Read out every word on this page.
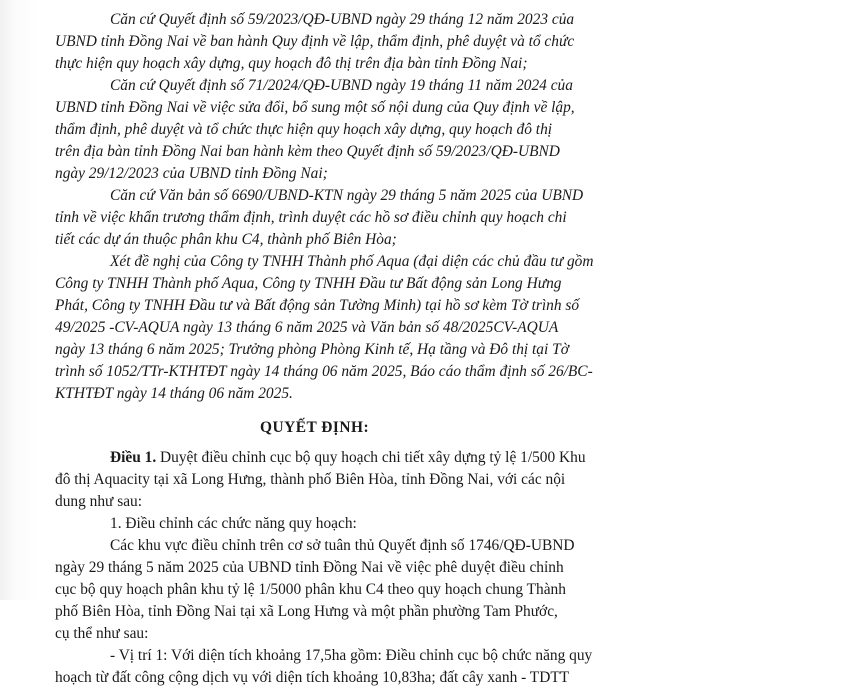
Căn cứ Quyết định số 59/2023/QĐ-UBND ngày 29 tháng 12 năm 2023 của
UBND tỉnh Đồng Nai về ban hành Quy định về lập, thẩm định, phê duyệt và tổ chức
thực hiện quy hoạch xây dựng, quy hoạch đô thị trên địa bàn tỉnh Đồng Nai;
Căn cứ Quyết định số 71/2024/QĐ-UBND ngày 19 tháng 11 năm 2024 của
UBND tỉnh Đồng Nai về việc sửa đổi, bổ sung một số nội dung của Quy định về lập,
thẩm định, phê duyệt và tổ chức thực hiện quy hoạch xây dựng, quy hoạch đô thị
trên địa bàn tỉnh Đồng Nai ban hành kèm theo Quyết định số 59/2023/QĐ-UBND
ngày 29/12/2023 của UBND tỉnh Đồng Nai;
Căn cứ Văn bản số 6690/UBND-KTN ngày 29 tháng 5 năm 2025 của UBND
tỉnh về việc khẩn trương thẩm định, trình duyệt các hồ sơ điều chỉnh quy hoạch chi
tiết các dự án thuộc phân khu C4, thành phố Biên Hòa;
Xét đề nghị của Công ty TNHH Thành phố Aqua (đại diện các chủ đầu tư gồm
Công ty TNHH Thành phố Aqua, Công ty TNHH Đầu tư Bất động sản Long Hưng
Phát, Công ty TNHH Đầu tư và Bất động sản Tường Minh) tại hồ sơ kèm Tờ trình số
49/2025 -CV-AQUA ngày 13 tháng 6 năm 2025 và Văn bản số 48/2025CV-AQUA
ngày 13 tháng 6 năm 2025; Trưởng phòng Phòng Kinh tế, Hạ tầng và Đô thị tại Tờ
trình số 1052/TTr-KTHTĐT ngày 14 tháng 06 năm 2025, Báo cáo thẩm định số 26/BC-
KTHTĐT ngày 14 tháng 06 năm 2025.
QUYẾT ĐỊNH:
Điều 1. Duyệt điều chỉnh cục bộ quy hoạch chi tiết xây dựng tỷ lệ 1/500 Khu
đô thị Aquacity tại xã Long Hưng, thành phố Biên Hòa, tỉnh Đồng Nai, với các nội
dung như sau:
1. Điều chỉnh các chức năng quy hoạch:
Các khu vực điều chỉnh trên cơ sở tuân thủ Quyết định số 1746/QĐ-UBND
ngày 29 tháng 5 năm 2025 của UBND tỉnh Đồng Nai về việc phê duyệt điều chỉnh
cục bộ quy hoạch phân khu tỷ lệ 1/5000 phân khu C4 theo quy hoạch chung Thành
phố Biên Hòa, tỉnh Đồng Nai tại xã Long Hưng và một phần phường Tam Phước,
cụ thể như sau:
- Vị trí 1: Với diện tích khoảng 17,5ha gồm: Điều chỉnh cục bộ chức năng quy
hoạch từ đất công cộng dịch vụ với diện tích khoảng 10,83ha; đất cây xanh - TDTT
